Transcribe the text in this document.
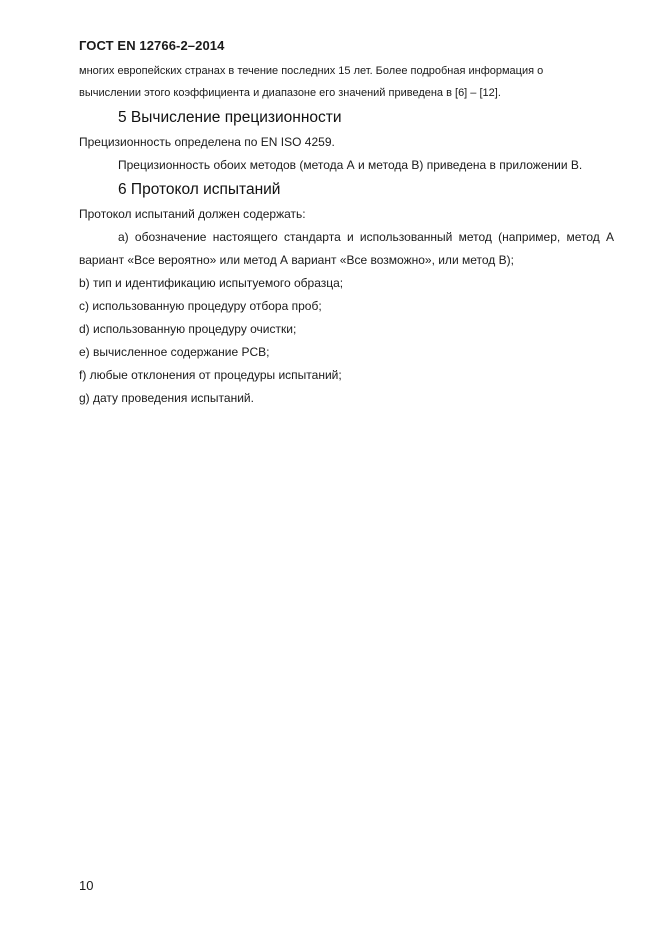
ГОСТ EN 12766-2–2014

многих европейских странах в течение последних 15 лет. Более подробная информация о

вычислении этого коэффициента и диапазоне его значений приведена в [6] – [12].

5 Вычисление прецизионности

Прецизионность определена по EN ISO 4259.

Прецизионность обоих методов (метода А и метода В) приведена в приложении В.

6 Протокол испытаний

Протокол испытаний должен содержать:

a) обозначение настоящего стандарта и использованный метод (например, метод А вариант «Все вероятно» или метод А вариант «Все возможно», или метод В);

b) тип и идентификацию испытуемого образца;

c) использованную процедуру отбора проб;

d) использованную процедуру очистки;

e) вычисленное содержание PCB;

f) любые отклонения от процедуры испытаний;

g) дату проведения испытаний.

10
